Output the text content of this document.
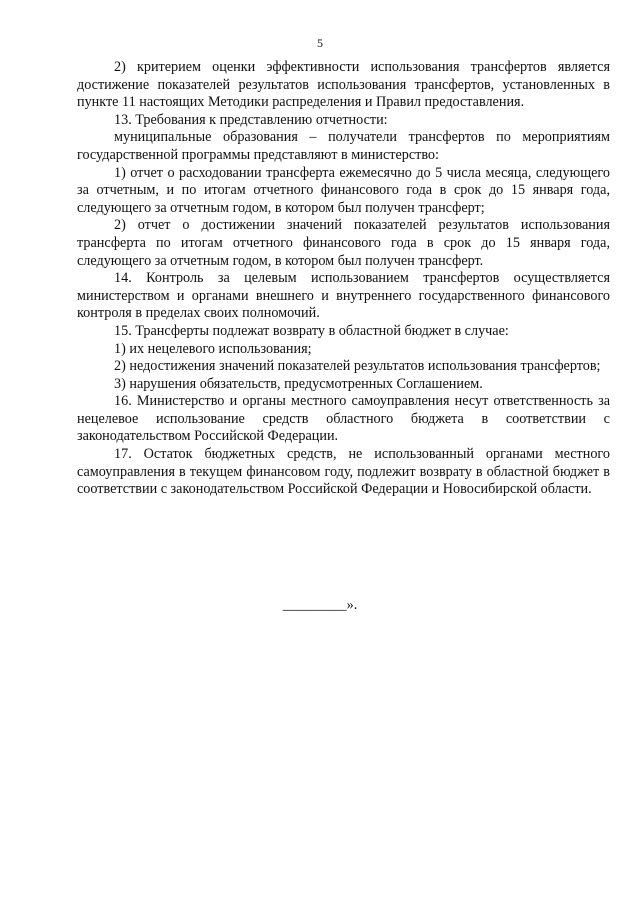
5

2) критерием оценки эффективности использования трансфертов является достижение показателей результатов использования трансфертов, установленных в пункте 11 настоящих Методики распределения и Правил предоставления.

13. Требования к представлению отчетности:

муниципальные образования – получатели трансфертов по мероприятиям государственной программы представляют в министерство:

1) отчет о расходовании трансферта ежемесячно до 5 числа месяца, следующего за отчетным, и по итогам отчетного финансового года в срок до 15 января года, следующего за отчетным годом, в котором был получен трансферт;

2) отчет о достижении значений показателей результатов использования трансферта по итогам отчетного финансового года в срок до 15 января года, следующего за отчетным годом, в котором был получен трансферт.

14. Контроль за целевым использованием трансфертов осуществляется министерством и органами внешнего и внутреннего государственного финансового контроля в пределах своих полномочий.

15. Трансферты подлежат возврату в областной бюджет в случае:

1) их нецелевого использования;

2) недостижения значений показателей результатов использования трансфертов;

3) нарушения обязательств, предусмотренных Соглашением.

16. Министерство и органы местного самоуправления несут ответственность за нецелевое использование средств областного бюджета в соответствии с законодательством Российской Федерации.

17. Остаток бюджетных средств, не использованный органами местного самоуправления в текущем финансовом году, подлежит возврату в областной бюджет в соответствии с законодательством Российской Федерации и Новосибирской области.

_________».
